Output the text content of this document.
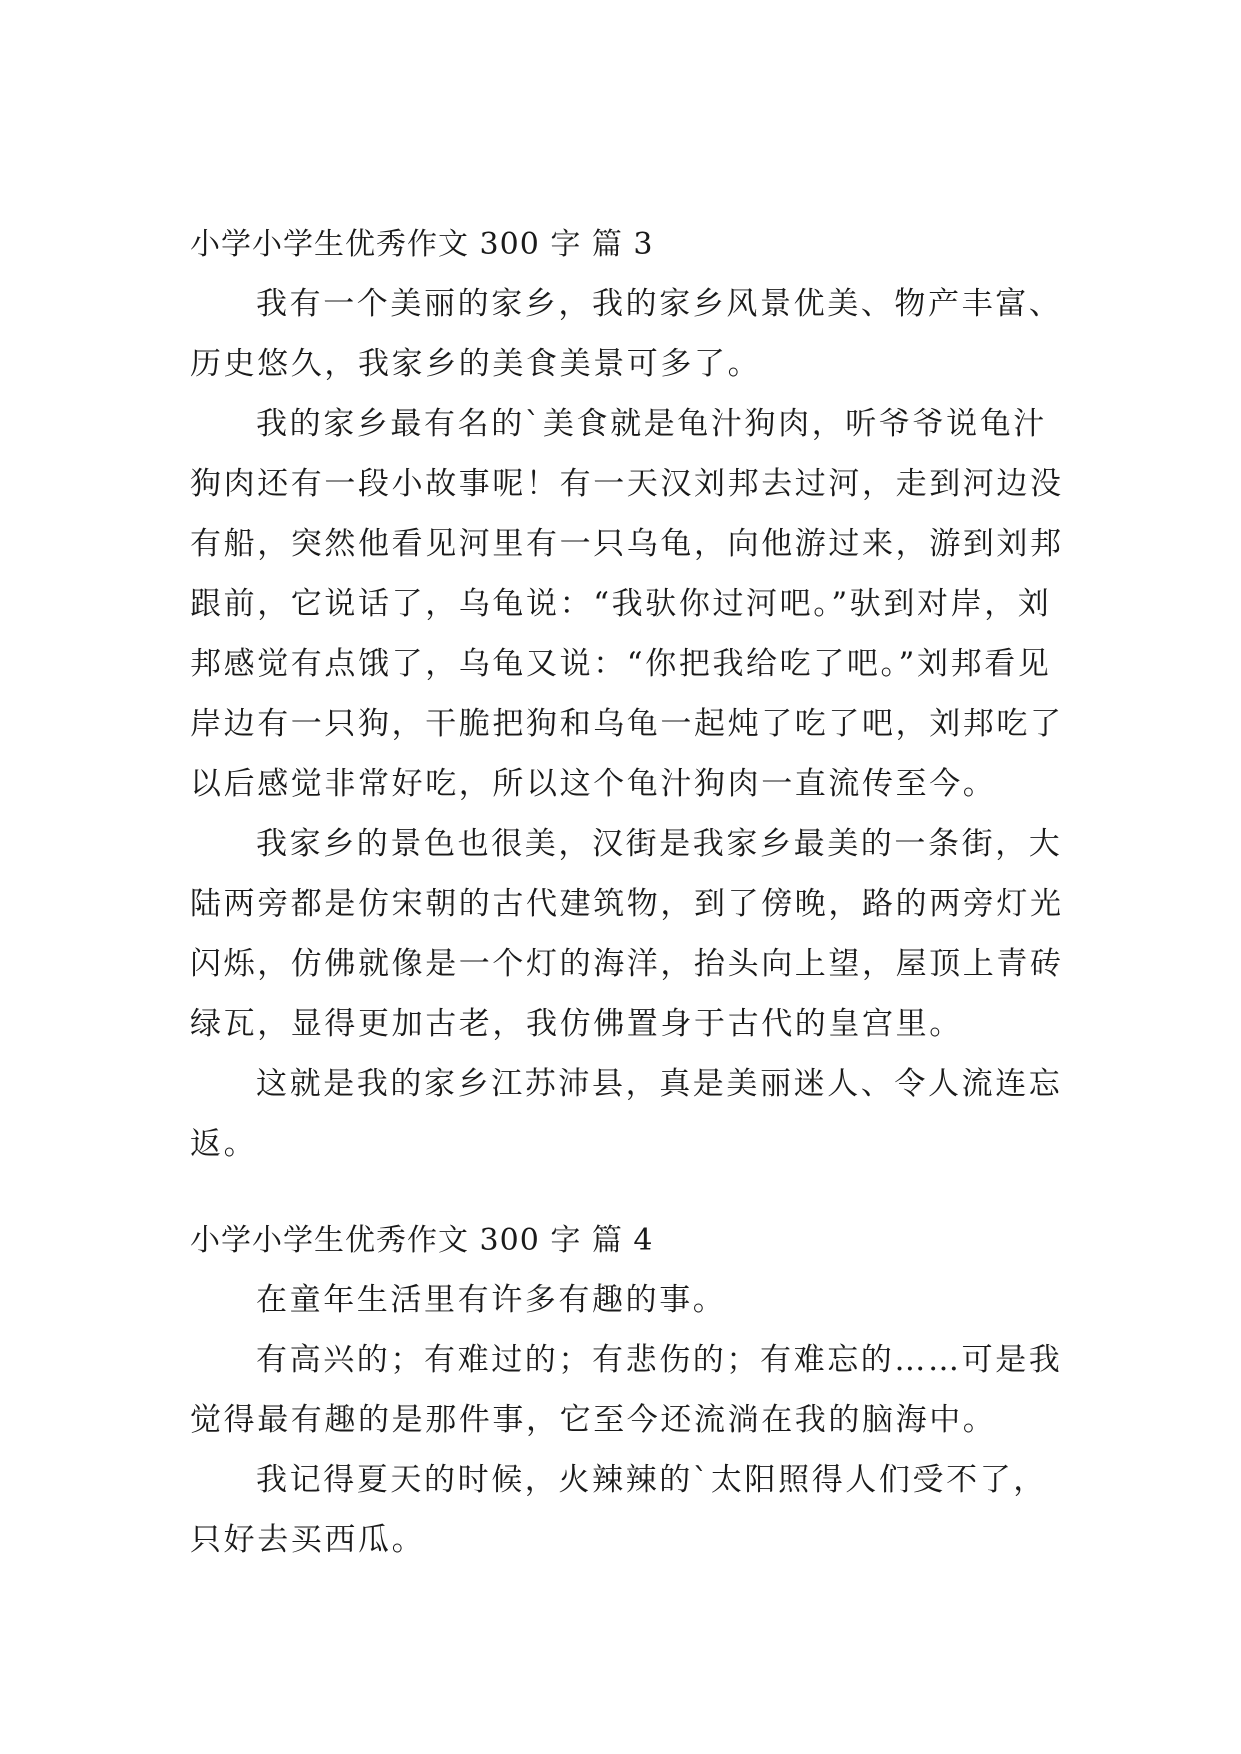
小学小学生优秀作文 300 字 篇 3
我有一个美丽的家乡，我的家乡风景优美、物产丰富、
历史悠久，我家乡的美食美景可多了。
我的家乡最有名的`美食就是龟汁狗肉，听爷爷说龟汁
狗肉还有一段小故事呢！有一天汉刘邦去过河，走到河边没
有船，突然他看见河里有一只乌龟，向他游过来，游到刘邦
跟前，它说话了，乌龟说：“我驮你过河吧。”驮到对岸，刘
邦感觉有点饿了，乌龟又说：“你把我给吃了吧。”刘邦看见
岸边有一只狗，干脆把狗和乌龟一起炖了吃了吧，刘邦吃了
以后感觉非常好吃，所以这个龟汁狗肉一直流传至今。
我家乡的景色也很美，汉街是我家乡最美的一条街，大
陆两旁都是仿宋朝的古代建筑物，到了傍晚，路的两旁灯光
闪烁，仿佛就像是一个灯的海洋，抬头向上望，屋顶上青砖
绿瓦，显得更加古老，我仿佛置身于古代的皇宫里。
这就是我的家乡江苏沛县，真是美丽迷人、令人流连忘
返。
小学小学生优秀作文 300 字 篇 4
在童年生活里有许多有趣的事。
有高兴的；有难过的；有悲伤的；有难忘的……可是我
觉得最有趣的是那件事，它至今还流淌在我的脑海中。
我记得夏天的时候，火辣辣的`太阳照得人们受不了，
只好去买西瓜。
